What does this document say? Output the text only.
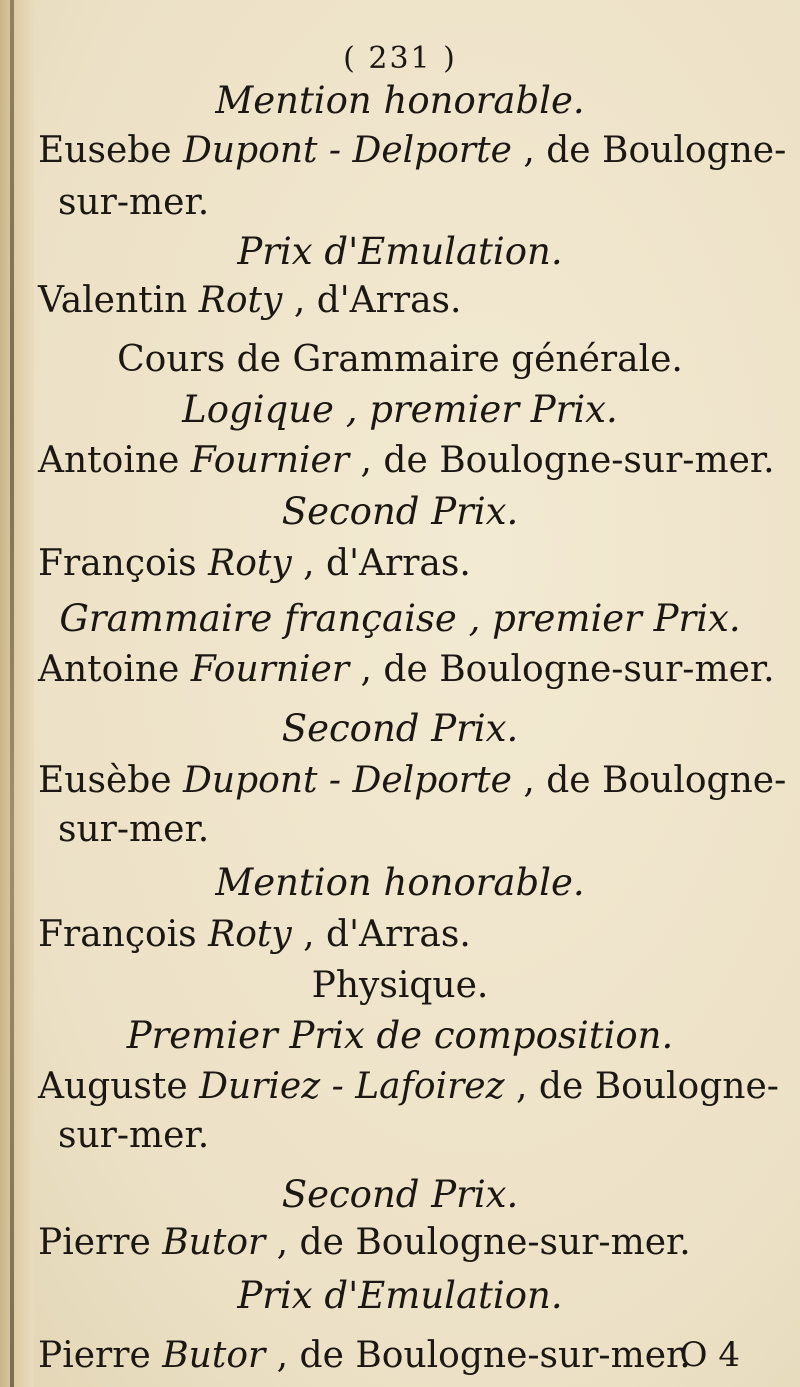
( 231 )
Mention honorable.
Eusebe Dupont - Delporte , de Boulogne-
sur-mer.
Prix d'Emulation.
Valentin Roty , d'Arras.
Cours de Grammaire générale.
Logique , premier Prix.
Antoine Fournier , de Boulogne-sur-mer.
Second Prix.
François Roty , d'Arras.
Grammaire française , premier Prix.
Antoine Fournier , de Boulogne-sur-mer.
Second Prix.
Eusèbe Dupont - Delporte , de Boulogne-
sur-mer.
Mention honorable.
François Roty , d'Arras.
Physique.
Premier Prix de composition.
Auguste Duriez - Lafoirez , de Boulogne-
sur-mer.
Second Prix.
Pierre Butor , de Boulogne-sur-mer.
Prix d'Emulation.
Pierre Butor , de Boulogne-sur-mer.
O 4
